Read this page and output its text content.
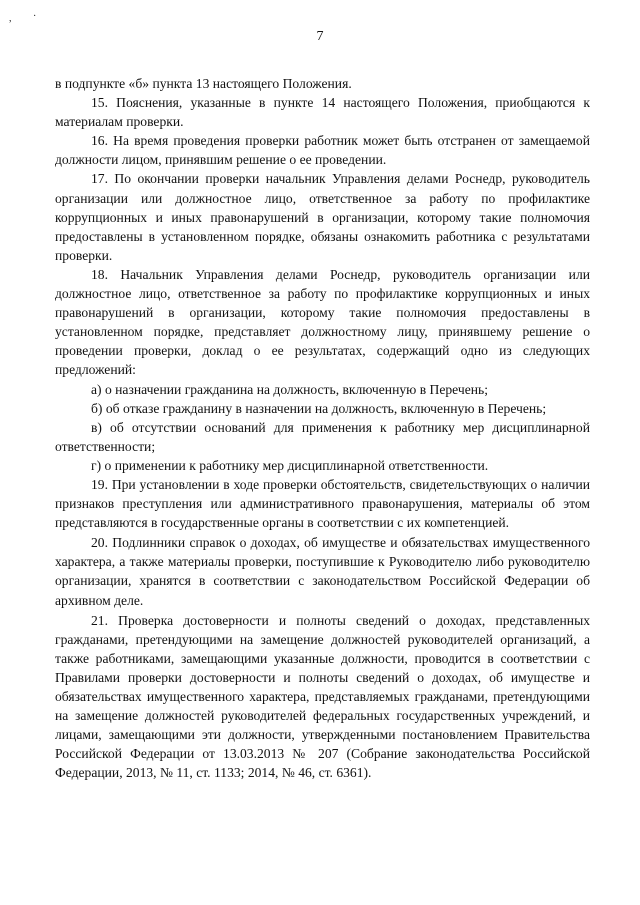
, ·
7

в подпункте «б» пункта 13 настоящего Положения.

15. Пояснения, указанные в пункте 14 настоящего Положения, приобщаются к материалам проверки.

16. На время проведения проверки работник может быть отстранен от замещаемой должности лицом, принявшим решение о ее проведении.

17. По окончании проверки начальник Управления делами Роснедр, руководитель организации или должностное лицо, ответственное за работу по профилактике коррупционных и иных правонарушений в организации, которому такие полномочия предоставлены в установленном порядке, обязаны ознакомить работника с результатами проверки.

18. Начальник Управления делами Роснедр, руководитель организации или должностное лицо, ответственное за работу по профилактике коррупционных и иных правонарушений в организации, которому такие полномочия предоставлены в установленном порядке, представляет должностному лицу, принявшему решение о проведении проверки, доклад о ее результатах, содержащий одно из следующих предложений:

а) о назначении гражданина на должность, включенную в Перечень;

б) об отказе гражданину в назначении на должность, включенную в Перечень;

в) об отсутствии оснований для применения к работнику мер дисциплинарной ответственности;

г) о применении к работнику мер дисциплинарной ответственности.

19. При установлении в ходе проверки обстоятельств, свидетельствующих о наличии признаков преступления или административного правонарушения, материалы об этом представляются в государственные органы в соответствии с их компетенцией.

20. Подлинники справок о доходах, об имуществе и обязательствах имущественного характера, а также материалы проверки, поступившие к Руководителю либо руководителю организации, хранятся в соответствии с законодательством Российской Федерации об архивном деле.

21. Проверка достоверности и полноты сведений о доходах, представленных гражданами, претендующими на замещение должностей руководителей организаций, а также работниками, замещающими указанные должности, проводится в соответствии с Правилами проверки достоверности и полноты сведений о доходах, об имуществе и обязательствах имущественного характера, представляемых гражданами, претендующими на замещение должностей руководителей федеральных государственных учреждений, и лицами, замещающими эти должности, утвержденными постановлением Правительства Российской Федерации от 13.03.2013 № 207 (Собрание законодательства Российской Федерации, 2013, № 11, ст. 1133; 2014, № 46, ст. 6361).
